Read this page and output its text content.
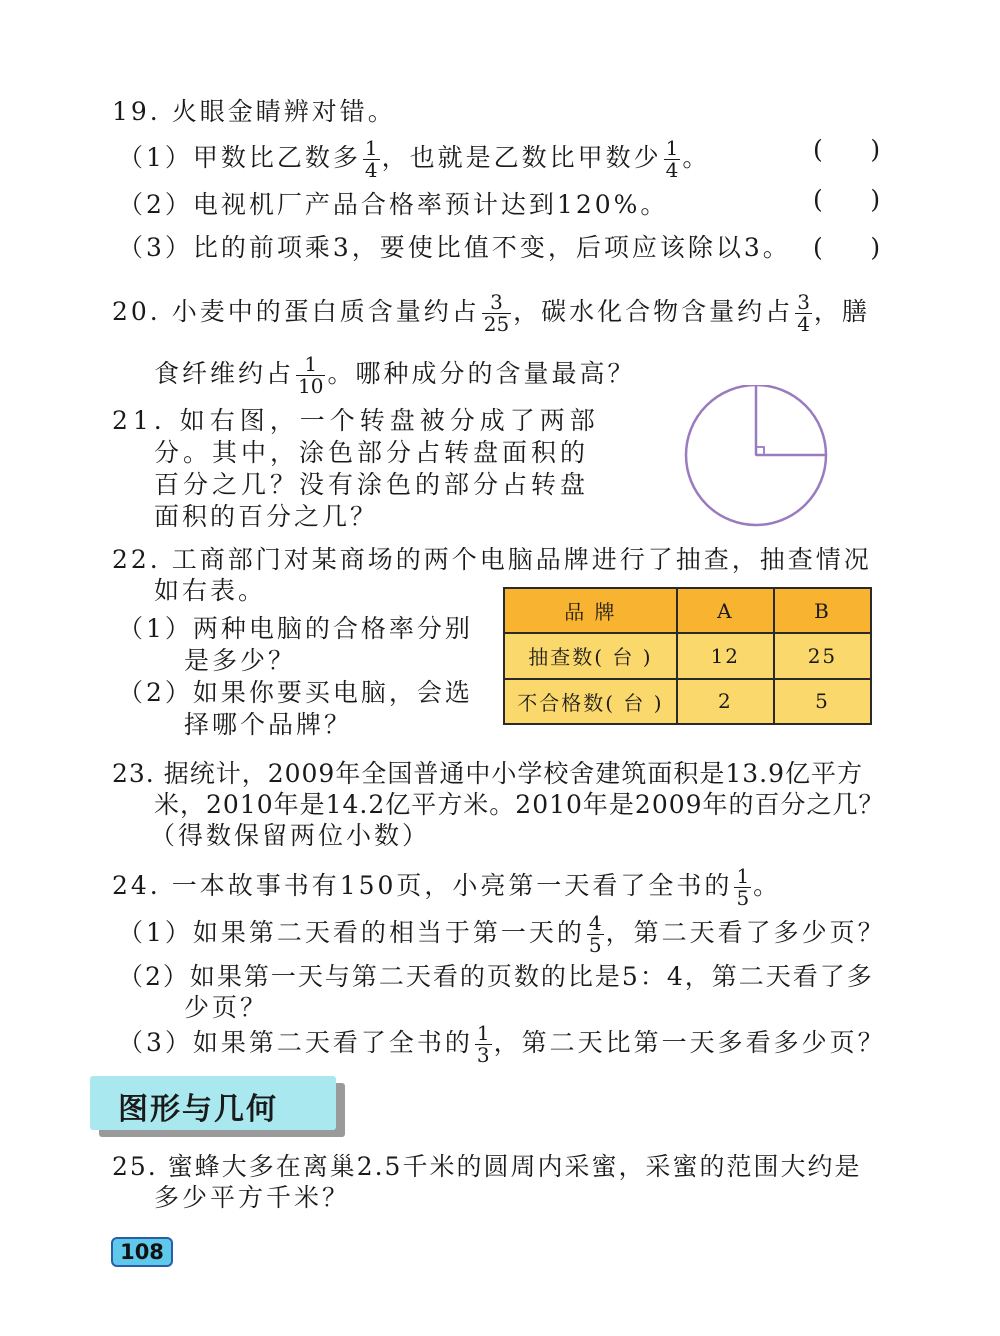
19. 火眼金睛辨对错。
（1）甲数比乙数多 $\frac{1}{4}$ ，也就是乙数比甲数少 $\frac{1}{4}$ 。	(      )
（2）电视机厂产品合格率预计达到120%。	(      )
（3）比的前项乘3，要使比值不变，后项应该除以3。 (      )
20. 小麦中的蛋白质含量约占 $\frac{3}{25}$ ，碳水化合物含量约占 $\frac{3}{4}$ ，膳
食纤维约占 $\frac{1}{10}$ 。哪种成分的含量最高？
21. 如右图，一个转盘被分成了两部
分。其中，涂色部分占转盘面积的
百分之几？没有涂色的部分占转盘
面积的百分之几？
22. 工商部门对某商场的两个电脑品牌进行了抽查，抽查情况
如右表。
（1）两种电脑的合格率分别
是多少？
（2）如果你要买电脑，会选
择哪个品牌？
品 牌	A	B
抽查数( 台 )	12	25
不合格数( 台 )	2	5
23. 据统计，2009年全国普通中小学校舍建筑面积是13.9亿平方
米，2010年是14.2亿平方米。2010年是2009年的百分之几？
（得数保留两位小数）
24. 一本故事书有150页，小亮第一天看了全书的 $\frac{1}{5}$ 。
（1）如果第二天看的相当于第一天的 $\frac{4}{5}$ ，第二天看了多少页？
（2）如果第一天与第二天看的页数的比是5：4，第二天看了多
少页？
（3）如果第二天看了全书的 $\frac{1}{3}$ ，第二天比第一天多看多少页？
图形与几何
25. 蜜蜂大多在离巢2.5千米的圆周内采蜜，采蜜的范围大约是
多少平方千米？
108
